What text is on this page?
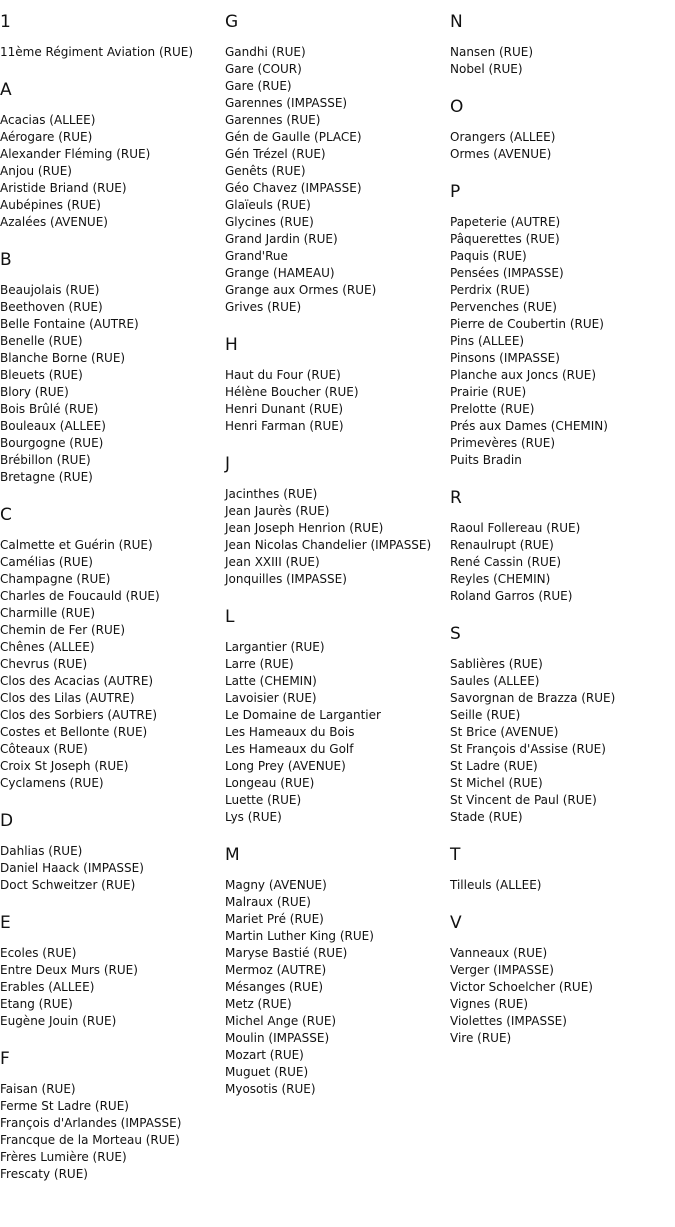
1
11ème Régiment Aviation (RUE)
A
Acacias (ALLEE)
Aérogare (RUE)
Alexander Fléming (RUE)
Anjou (RUE)
Aristide Briand (RUE)
Aubépines (RUE)
Azalées (AVENUE)
B
Beaujolais (RUE)
Beethoven (RUE)
Belle Fontaine (AUTRE)
Benelle (RUE)
Blanche Borne (RUE)
Bleuets (RUE)
Blory (RUE)
Bois Brûlé (RUE)
Bouleaux (ALLEE)
Bourgogne (RUE)
Brébillon (RUE)
Bretagne (RUE)
C
Calmette et Guérin (RUE)
Camélias (RUE)
Champagne (RUE)
Charles de Foucauld (RUE)
Charmille (RUE)
Chemin de Fer (RUE)
Chênes (ALLEE)
Chevrus (RUE)
Clos des Acacias (AUTRE)
Clos des Lilas (AUTRE)
Clos des Sorbiers (AUTRE)
Costes et Bellonte (RUE)
Côteaux (RUE)
Croix St Joseph (RUE)
Cyclamens (RUE)
D
Dahlias (RUE)
Daniel Haack (IMPASSE)
Doct Schweitzer (RUE)
E
Ecoles (RUE)
Entre Deux Murs (RUE)
Erables (ALLEE)
Etang (RUE)
Eugène Jouin (RUE)
F
Faisan (RUE)
Ferme St Ladre (RUE)
François d'Arlandes (IMPASSE)
Francque de la Morteau (RUE)
Frères Lumière (RUE)
Frescaty (RUE)
G
Gandhi (RUE)
Gare (COUR)
Gare (RUE)
Garennes (IMPASSE)
Garennes (RUE)
Gén de Gaulle (PLACE)
Gén Trézel (RUE)
Genêts (RUE)
Géo Chavez (IMPASSE)
Glaïeuls (RUE)
Glycines (RUE)
Grand Jardin (RUE)
Grand'Rue
Grange (HAMEAU)
Grange aux Ormes (RUE)
Grives (RUE)
H
Haut du Four (RUE)
Hélène Boucher (RUE)
Henri Dunant (RUE)
Henri Farman (RUE)
J
Jacinthes (RUE)
Jean Jaurès (RUE)
Jean Joseph Henrion (RUE)
Jean Nicolas Chandelier (IMPASSE)
Jean XXIII (RUE)
Jonquilles (IMPASSE)
L
Largantier (RUE)
Larre (RUE)
Latte (CHEMIN)
Lavoisier (RUE)
Le Domaine de Largantier
Les Hameaux du Bois
Les Hameaux du Golf
Long Prey (AVENUE)
Longeau (RUE)
Luette (RUE)
Lys (RUE)
M
Magny (AVENUE)
Malraux (RUE)
Mariet Pré (RUE)
Martin Luther King (RUE)
Maryse Bastié (RUE)
Mermoz (AUTRE)
Mésanges (RUE)
Metz (RUE)
Michel Ange (RUE)
Moulin (IMPASSE)
Mozart (RUE)
Muguet (RUE)
Myosotis (RUE)
N
Nansen (RUE)
Nobel (RUE)
O
Orangers (ALLEE)
Ormes (AVENUE)
P
Papeterie (AUTRE)
Pâquerettes (RUE)
Paquis (RUE)
Pensées (IMPASSE)
Perdrix (RUE)
Pervenches (RUE)
Pierre de Coubertin (RUE)
Pins (ALLEE)
Pinsons (IMPASSE)
Planche aux Joncs (RUE)
Prairie (RUE)
Prelotte (RUE)
Prés aux Dames (CHEMIN)
Primevères (RUE)
Puits Bradin
R
Raoul Follereau (RUE)
Renaulrupt (RUE)
René Cassin (RUE)
Reyles (CHEMIN)
Roland Garros (RUE)
S
Sablières (RUE)
Saules (ALLEE)
Savorgnan de Brazza (RUE)
Seille (RUE)
St Brice (AVENUE)
St François d'Assise (RUE)
St Ladre (RUE)
St Michel (RUE)
St Vincent de Paul (RUE)
Stade (RUE)
T
Tilleuls (ALLEE)
V
Vanneaux (RUE)
Verger (IMPASSE)
Victor Schoelcher (RUE)
Vignes (RUE)
Violettes (IMPASSE)
Vire (RUE)
